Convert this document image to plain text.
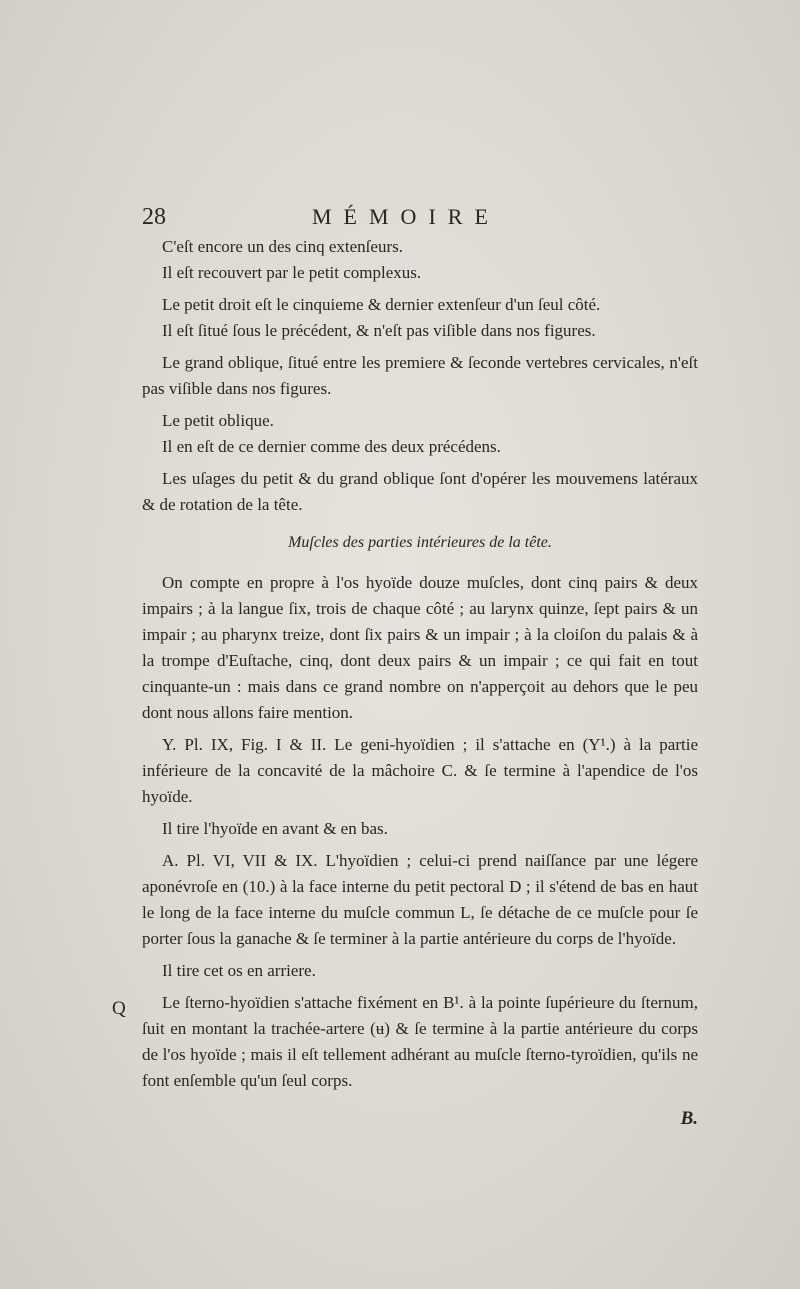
28	MÉMOIRE

C'eſt encore un des cinq extenſeurs.

Il eſt recouvert par le petit complexus.

Le petit droit eſt le cinquieme & dernier extenſeur d'un ſeul côté.

Il eſt ſitué ſous le précédent, & n'eſt pas viſible dans nos figures.

Le grand oblique, ſitué entre les premiere & ſeconde vertebres cervicales, n'eſt pas viſible dans nos figures.

Le petit oblique.

Il en eſt de ce dernier comme des deux précédens.

Les uſages du petit & du grand oblique ſont d'opérer les mouvemens latéraux & de rotation de la tête.

Muſcles des parties intérieures de la tête.

On compte en propre à l'os hyoïde douze muſcles, dont cinq pairs & deux impairs ; à la langue ſix, trois de chaque côté ; au larynx quinze, ſept pairs & un impair ; au pharynx treize, dont ſix pairs & un impair ; à la cloiſon du palais & à la trompe d'Euſtache, cinq, dont deux pairs & un impair ; ce qui fait en tout cinquante-un : mais dans ce grand nombre on n'apperçoit au dehors que le peu dont nous allons faire mention.

Υ. Pl. IX, Fig. I & II. Le geni-hyoïdien ; il s'attache en (Υ¹.) à la partie inférieure de la concavité de la mâchoire C. & ſe termine à l'apendice de l'os hyoïde.

Il tire l'hyoïde en avant & en bas.

A. Pl. VI, VII & IX. L'hyoïdien ; celui-ci prend naiſſance par une légere aponévroſe en (10.) à la face interne du petit pectoral D ; il s'étend de bas en haut le long de la face interne du muſcle commun L, ſe détache de ce muſcle pour ſe porter ſous la ganache & ſe terminer à la partie antérieure du corps de l'hyoïde.

Il tire cet os en arriere.

Le ſterno-hyoïdien s'attache fixément en B¹. à la pointe ſupérieure du ſternum, ſuit en montant la trachée-artere (ʉ) & ſe termine à la partie antérieure du corps de l'os hyoïde ; mais il eſt tellement adhérant au muſcle ſterno-tyroïdien, qu'ils ne font enſemble qu'un ſeul corps.

Q
B.
